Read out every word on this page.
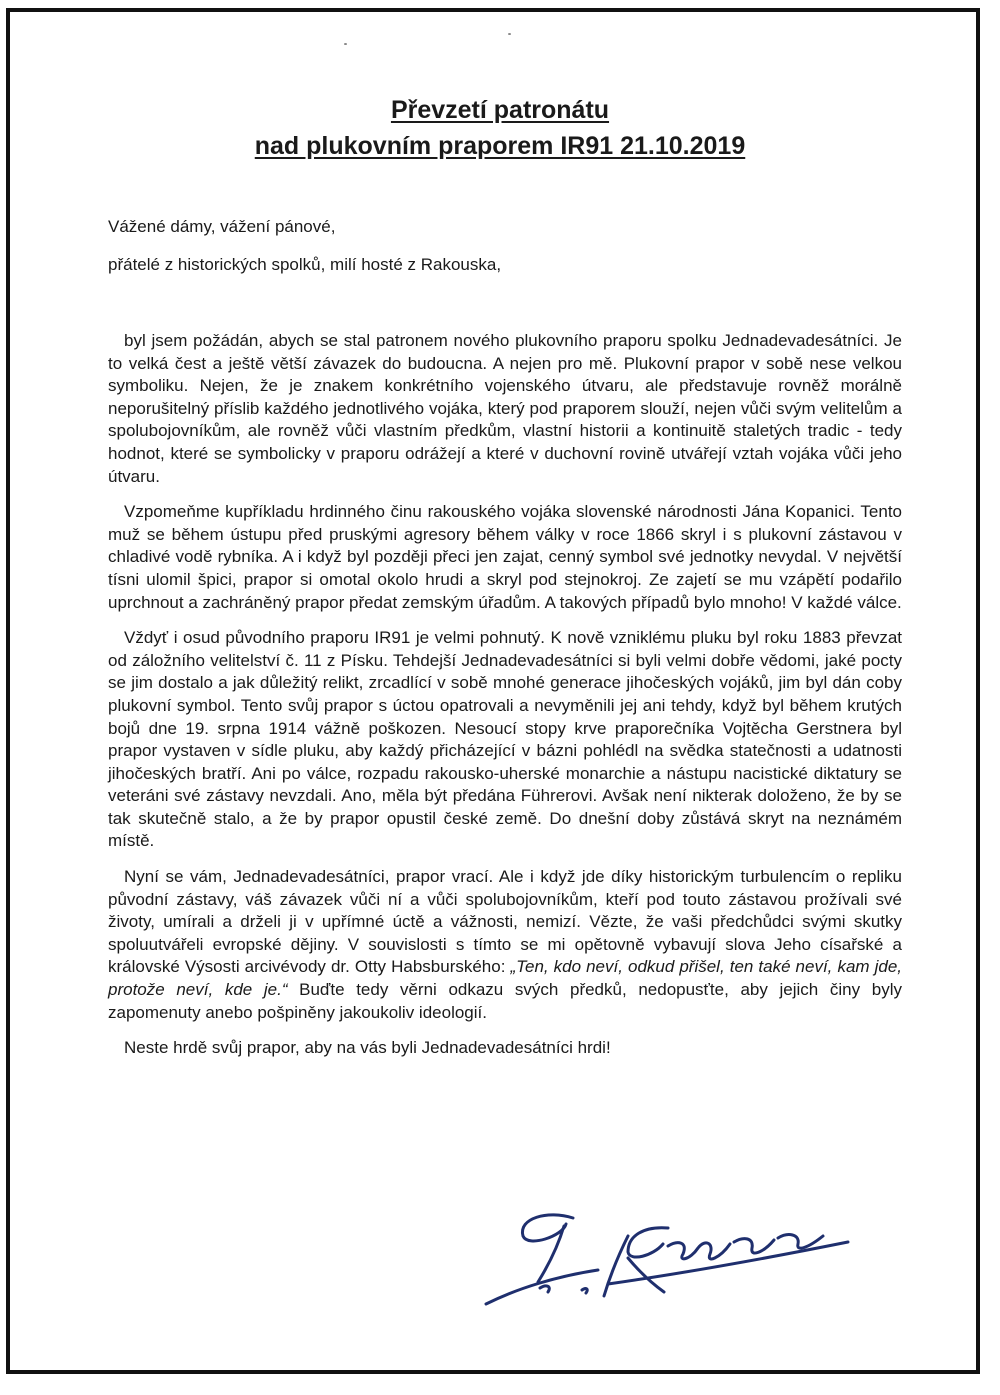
Převzetí patronátu
nad plukovním praporem IR91 21.10.2019
Vážené dámy, vážení pánové,
přátelé z historických spolků, milí hosté z Rakouska,

byl jsem požádán, abych se stal patronem nového plukovního praporu spolku Jednadevadesátníci. Je to velká čest a ještě větší závazek do budoucna. A nejen pro mě. Plukovní prapor v sobě nese velkou symboliku. Nejen, že je znakem konkrétního vojenského útvaru, ale představuje rovněž morálně neporušitelný příslib každého jednotlivého vojáka, který pod praporem slouží, nejen vůči svým velitelům a spolubojovníkům, ale rovněž vůči vlastním předkům, vlastní historii a kontinuitě staletých tradic - tedy hodnot, které se symbolicky v praporu odrážejí a které v duchovní rovině utvářejí vztah vojáka vůči jeho útvaru.

Vzpomeňme kupříkladu hrdinného činu rakouského vojáka slovenské národnosti Jána Kopanici. Tento muž se během ústupu před pruskými agresory během války v roce 1866 skryl i s plukovní zástavou v chladivé vodě rybníka. A i když byl později přeci jen zajat, cenný symbol své jednotky nevydal. V největší tísni ulomil špici, prapor si omotal okolo hrudi a skryl pod stejnokroj. Ze zajetí se mu vzápětí podařilo uprchnout a zachráněný prapor předat zemským úřadům. A takových případů bylo mnoho! V každé válce.

Vždyť i osud původního praporu IR91 je velmi pohnutý. K nově vzniklému pluku byl roku 1883 převzat od záložního velitelství č. 11 z Písku. Tehdejší Jednadevadesátníci si byli velmi dobře vědomi, jaké pocty se jim dostalo a jak důležitý relikt, zrcadlící v sobě mnohé generace jihočeských vojáků, jim byl dán coby plukovní symbol. Tento svůj prapor s úctou opatrovali a nevyměnili jej ani tehdy, když byl během krutých bojů dne 19. srpna 1914 vážně poškozen. Nesoucí stopy krve praporečníka Vojtěcha Gerstnera byl prapor vystaven v sídle pluku, aby každý přicházející v bázni pohlédl na svědka statečnosti a udatnosti jihočeských bratří. Ani po válce, rozpadu rakousko-uherské monarchie a nástupu nacistické diktatury se veteráni své zástavy nevzdali. Ano, měla být předána Führerovi. Avšak není nikterak doloženo, že by se tak skutečně stalo, a že by prapor opustil české země. Do dnešní doby zůstává skryt na neznámém místě.

Nyní se vám, Jednadevadesátníci, prapor vrací. Ale i když jde díky historickým turbulencím o repliku původní zástavy, váš závazek vůči ní a vůči spolubojovníkům, kteří pod touto zástavou prožívali své životy, umírali a drželi ji v upřímné úctě a vážnosti, nemizí. Vězte, že vaši předchůdci svými skutky spoluutvářeli evropské dějiny. V souvislosti s tímto se mi opětovně vybavují slova Jeho císařské a královské Výsosti arcivévody dr. Otty Habsburského: „Ten, kdo neví, odkud přišel, ten také neví, kam jde, protože neví, kde je.“ Buďte tedy věrni odkazu svých předků, nedopusťte, aby jejich činy byly zapomenuty anebo pošpiněny jakoukoliv ideologií.

Neste hrdě svůj prapor, aby na vás byli Jednadevadesátníci hrdi!
